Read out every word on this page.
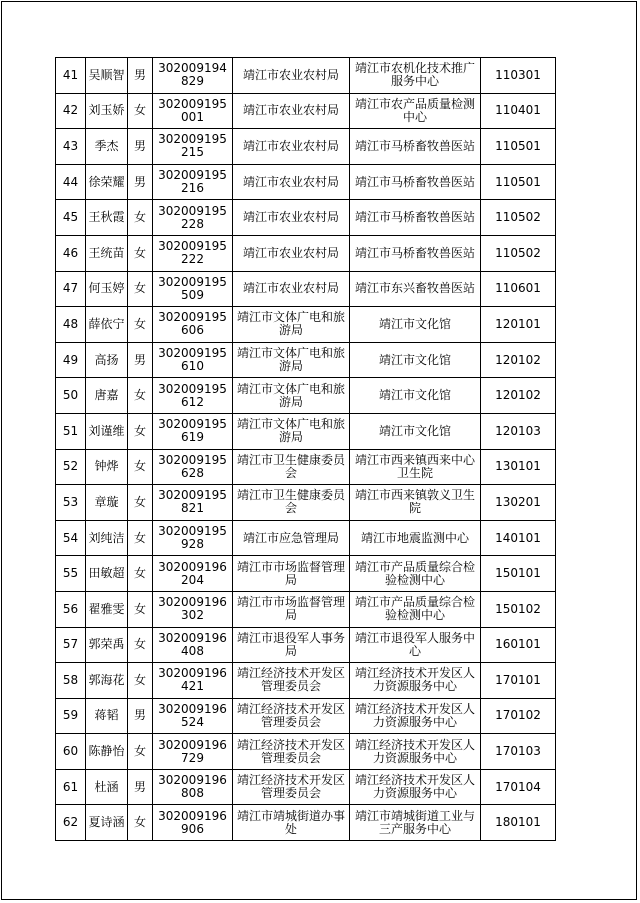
41	吴顺智	男	302009194829	靖江市农业农村局	靖江市农机化技术推广服务中心	110301
42	刘玉娇	女	302009195001	靖江市农业农村局	靖江市农产品质量检测中心	110401
43	季杰	男	302009195215	靖江市农业农村局	靖江市马桥畜牧兽医站	110501
44	徐荣耀	男	302009195216	靖江市农业农村局	靖江市马桥畜牧兽医站	110501
45	王秋霞	女	302009195228	靖江市农业农村局	靖江市马桥畜牧兽医站	110502
46	王统苗	女	302009195222	靖江市农业农村局	靖江市马桥畜牧兽医站	110502
47	何玉婷	女	302009195509	靖江市农业农村局	靖江市东兴畜牧兽医站	110601
48	薛依宁	女	302009195606	靖江市文体广电和旅游局	靖江市文化馆	120101
49	高扬	男	302009195610	靖江市文体广电和旅游局	靖江市文化馆	120102
50	唐嘉	女	302009195612	靖江市文体广电和旅游局	靖江市文化馆	120102
51	刘谨维	女	302009195619	靖江市文体广电和旅游局	靖江市文化馆	120103
52	钟烨	女	302009195628	靖江市卫生健康委员会	靖江市西来镇西来中心卫生院	130101
53	章璇	女	302009195821	靖江市卫生健康委员会	靖江市西来镇敦义卫生院	130201
54	刘纯洁	女	302009195928	靖江市应急管理局	靖江市地震监测中心	140101
55	田敏超	女	302009196204	靖江市市场监督管理局	靖江市产品质量综合检验检测中心	150101
56	翟雅雯	女	302009196302	靖江市市场监督管理局	靖江市产品质量综合检验检测中心	150102
57	郭荣禹	女	302009196408	靖江市退役军人事务局	靖江市退役军人服务中心	160101
58	郭海花	女	302009196421	靖江经济技术开发区管理委员会	靖江经济技术开发区人力资源服务中心	170101
59	蒋韬	男	302009196524	靖江经济技术开发区管理委员会	靖江经济技术开发区人力资源服务中心	170102
60	陈静怡	女	302009196729	靖江经济技术开发区管理委员会	靖江经济技术开发区人力资源服务中心	170103
61	杜涵	男	302009196808	靖江经济技术开发区管理委员会	靖江经济技术开发区人力资源服务中心	170104
62	夏诗涵	女	302009196906	靖江市靖城街道办事处	靖江市靖城街道工业与三产服务中心	180101
